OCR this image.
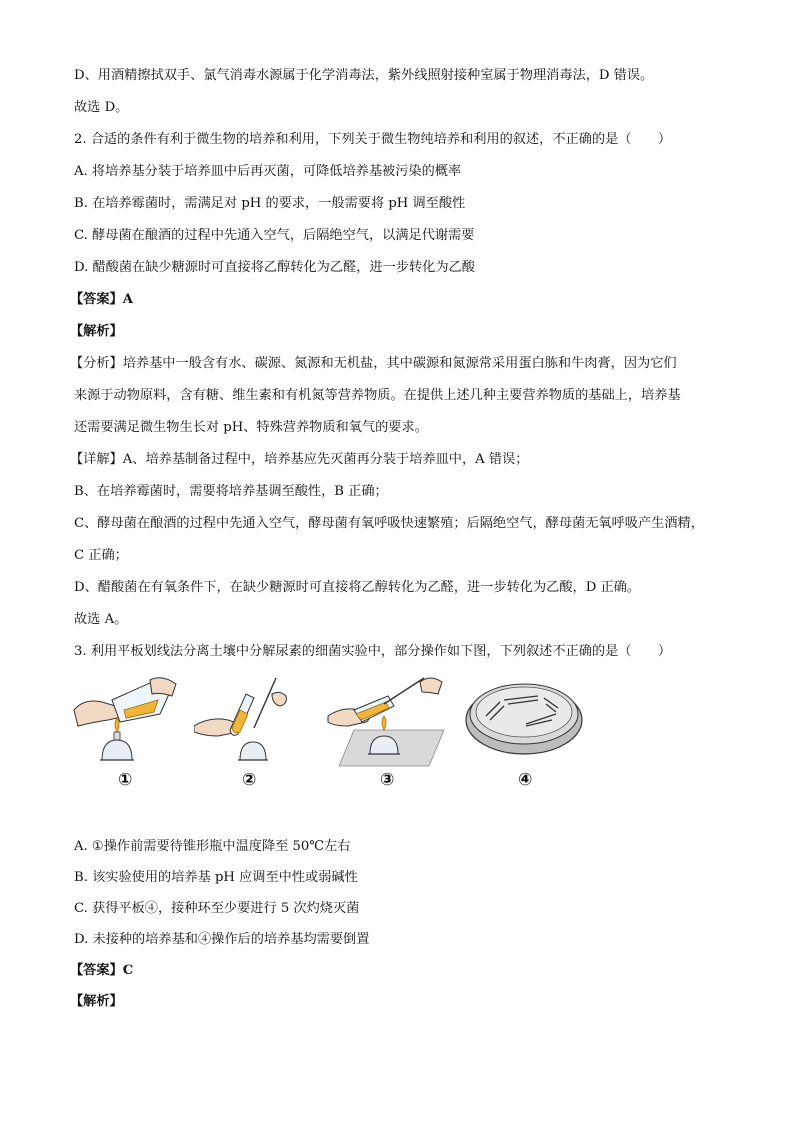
D、用酒精擦拭双手、氯气消毒水源属于化学消毒法，紫外线照射接种室属于物理消毒法，D 错误。
故选 D。
2. 合适的条件有利于微生物的培养和利用，下列关于微生物纯培养和利用的叙述，不正确的是（　　）
A. 将培养基分装于培养皿中后再灭菌，可降低培养基被污染的概率
B. 在培养霉菌时，需满足对 pH 的要求，一般需要将 pH 调至酸性
C. 酵母菌在酿酒的过程中先通入空气，后隔绝空气，以满足代谢需要
D. 醋酸菌在缺少糖源时可直接将乙醇转化为乙醛，进一步转化为乙酸
【答案】A
【解析】
【分析】培养基中一般含有水、碳源、氮源和无机盐，其中碳源和氮源常采用蛋白胨和牛肉膏，因为它们
来源于动物原料，含有糖、维生素和有机氮等营养物质。在提供上述几种主要营养物质的基础上，培养基
还需要满足微生物生长对 pH、特殊营养物质和氧气的要求。
【详解】A、培养基制备过程中，培养基应先灭菌再分装于培养皿中，A 错误；
B、在培养霉菌时，需要将培养基调至酸性，B 正确；
C、酵母菌在酿酒的过程中先通入空气，酵母菌有氧呼吸快速繁殖；后隔绝空气，酵母菌无氧呼吸产生酒精，
C 正确；
D、醋酸菌在有氧条件下，在缺少糖源时可直接将乙醇转化为乙醛，进一步转化为乙酸，D 正确。
故选 A。
3. 利用平板划线法分离土壤中分解尿素的细菌实验中，部分操作如下图，下列叙述不正确的是（　　）
①	②	③	④
A. ①操作前需要待锥形瓶中温度降至 50℃左右
B. 该实验使用的培养基 pH 应调至中性或弱碱性
C. 获得平板④，接种环至少要进行 5 次灼烧灭菌
D. 未接种的培养基和④操作后的培养基均需要倒置
【答案】C
【解析】
